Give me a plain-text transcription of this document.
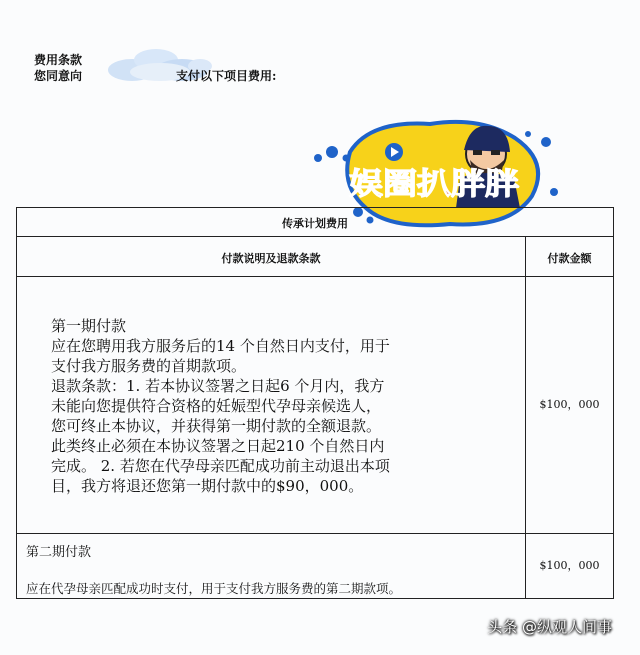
费用条款
您同意向	支付以下项目费用:
娱圈扒胖胖
传承计划费用
付款说明及退款条款	付款金额
第一期付款
应在您聘用我方服务后的14 个自然日内支付，用于
支付我方服务费的首期款项。
退款条款：1. 若本协议签署之日起6 个月内，我方
未能向您提供符合资格的妊娠型代孕母亲候选人，
您可终止本协议，并获得第一期付款的全额退款。
此类终止必须在本协议签署之日起210 个自然日内
完成。 2. 若您在代孕母亲匹配成功前主动退出本项
目，我方将退还您第一期付款中的$90，000。
$100，000
第二期付款
应在代孕母亲匹配成功时支付，用于支付我方服务费的第二期款项。
$100，000
头条 @纵观人间事
